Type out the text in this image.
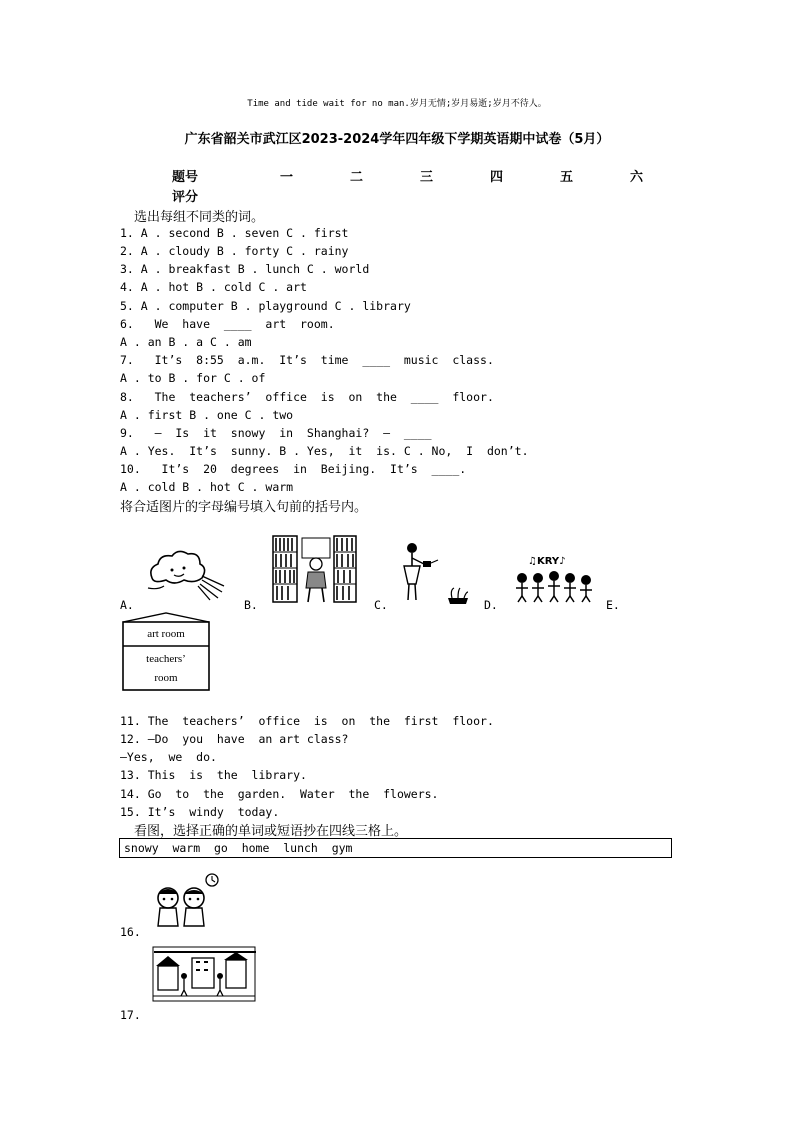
Time and tide wait for no man.岁月无情;岁月易逝;岁月不待人。
广东省韶关市武江区2023-2024学年四年级下学期英语期中试卷（5月）
题号	一	二	三	四	五	六
评分
选出每组不同类的词。
1. A . second B . seven C . first
2. A . cloudy B . forty C . rainy
3. A . breakfast B . lunch C . world
4. A . hot B . cold C . art
5. A . computer B . playground C . library
6.   We  have  ____  art  room.
A . an B . a C . am
7.   It’s  8:55  a.m.  It’s  time  ____  music  class.
A . to B . for C . of
8.   The  teachers’  office  is  on  the  ____  floor.
A . first B . one C . two
9.   —  Is  it  snowy  in  Shanghai?  —  ____
A . Yes.  It’s  sunny. B . Yes,  it  is. C . No,  I  don’t.
10.   It’s  20  degrees  in  Beijing.  It’s  ____.
A . cold B . hot C . warm
将合适图片的字母编号填入句前的括号内。
A.	B.	C.
♫KRY♪
D.	E.
art room
teachers’
room
11. The  teachers’  office  is  on  the  first  floor.
12. —Do  you  have  an art class?
—Yes,  we  do.
13. This  is  the  library.
14. Go  to  the  garden.  Water  the  flowers.
15. It’s  windy  today.
看图，选择正确的单词或短语抄在四线三格上。
snowy  warm  go  home  lunch  gym
16.
17.
